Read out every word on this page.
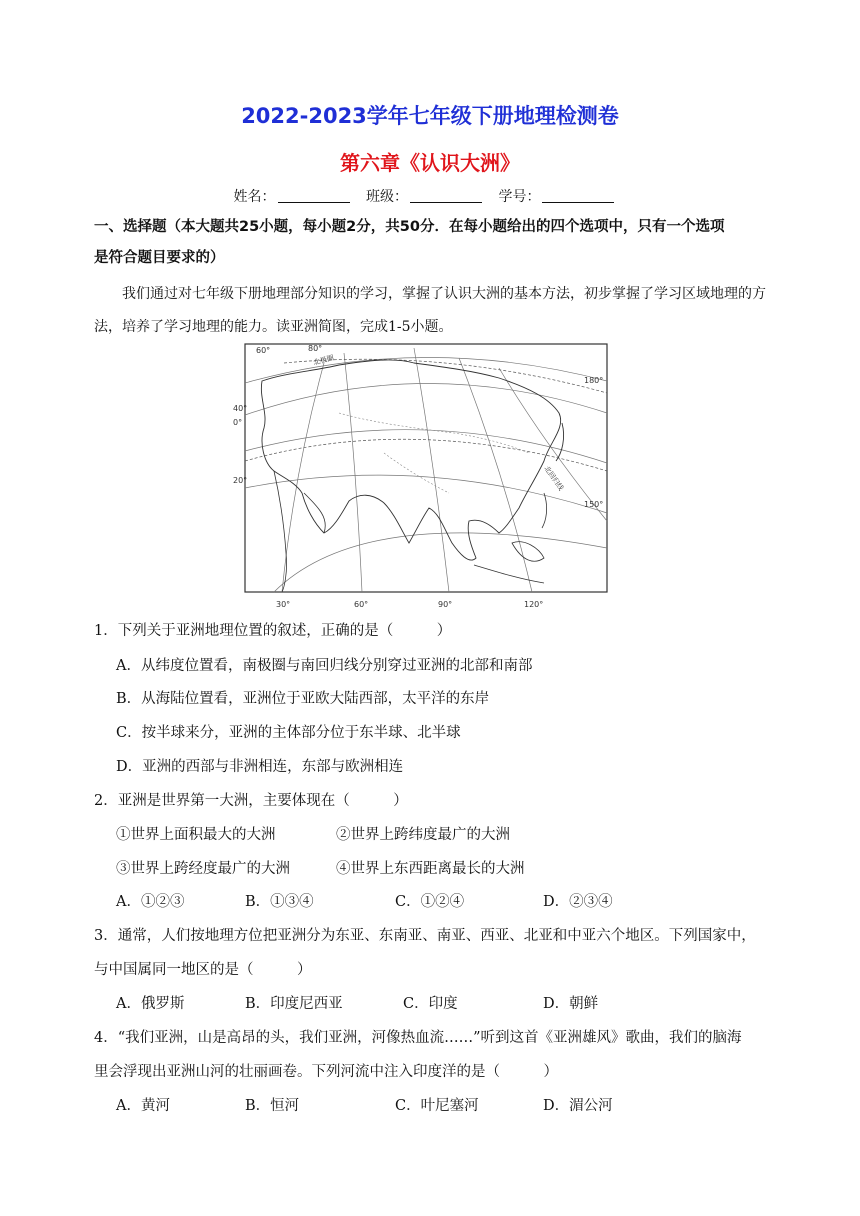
2022-2023学年七年级下册地理检测卷
第六章《认识大洲》
姓名：	班级：	学号：
一、选择题（本大题共25小题，每小题2分，共50分．在每小题给出的四个选项中，只有一个选项
是符合题目要求的）
我们通过对七年级下册地理部分知识的学习，掌握了认识大洲的基本方法，初步掌握了学习区域地理的方法，培养了学习地理的能力。读亚洲简图，完成1-5小题。
60°	80°
180°
150°
40°
0°
20°
30°	60°	90°	120°
北极圈
北回归线
1．下列关于亚洲地理位置的叙述，正确的是（　　　）
A．从纬度位置看，南极圈与南回归线分别穿过亚洲的北部和南部
B．从海陆位置看，亚洲位于亚欧大陆西部，太平洋的东岸
C．按半球来分，亚洲的主体部分位于东半球、北半球
D．亚洲的西部与非洲相连，东部与欧洲相连
2．亚洲是世界第一大洲，主要体现在（　　　）
①世界上面积最大的大洲	②世界上跨纬度最广的大洲
③世界上跨经度最广的大洲	④世界上东西距离最长的大洲
A．①②③	B．①③④	C．①②④	D．②③④
3．通常，人们按地理方位把亚洲分为东亚、东南亚、南亚、西亚、北亚和中亚六个地区。下列国家中，
与中国属同一地区的是（　　　）
A．俄罗斯	B．印度尼西亚	C．印度	D．朝鲜
4．“我们亚洲，山是高昂的头，我们亚洲，河像热血流……”听到这首《亚洲雄风》歌曲，我们的脑海
里会浮现出亚洲山河的壮丽画卷。下列河流中注入印度洋的是（　　　）
A．黄河	B．恒河	C．叶尼塞河	D．湄公河
